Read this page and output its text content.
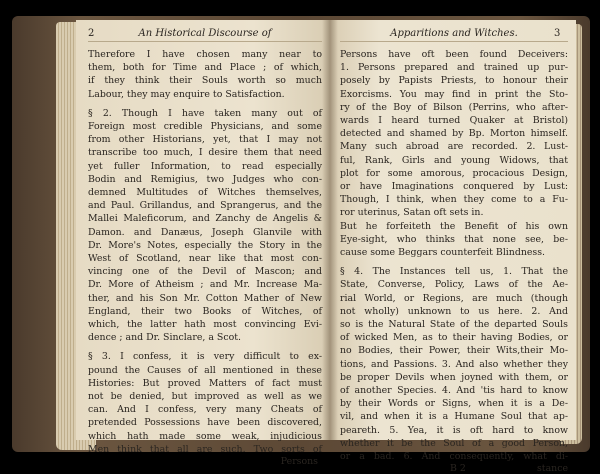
2	An Historical Discourse of
Therefore I have chosen many near to
them, both for Time and Place ; of which,
if they think their Souls worth so much
Labour, they may enquire to Satisfaction.
§ 2. Though I have taken many out of
Foreign most credible Physicians, and some
from other Historians, yet, that I may not
transcribe too much, I desire them that need
yet fuller Information, to read especially
Bodin and Remigius, two Judges who con-
demned Multitudes of Witches themselves,
and Paul. Grillandus, and Sprangerus, and the
Mallei Maleficorum, and Zanchy de Angelis &
Damon. and Danæus, Joseph Glanvile with
Dr. More's Notes, especially the Story in the
West of Scotland, near like that most con-
vincing one of the Devil of Mascon; and
Dr. More of Atheism ; and Mr. Increase Ma-
ther, and his Son Mr. Cotton Mather of New
England, their two Books of Witches, of
which, the latter hath most convincing Evi-
dence ; and Dr. Sinclare, a Scot.
§ 3. I confess, it is very difficult to ex-
pound the Causes of all mentioned in these
Histories: But proved Matters of fact must
not be denied, but improved as well as we
can. And I confess, very many Cheats of
pretended Possessions have been discovered,
which hath made some weak, injudicious
Men think that all are such. Two sorts of
Persons
Apparitions and Witches.	3
Persons have oft been found Deceivers:
1. Persons prepared and trained up pur-
posely by Papists Priests, to honour their
Exorcisms. You may find in print the Sto-
ry of the Boy of Bilson (Perrins, who after-
wards I heard turned Quaker at Bristol)
detected and shamed by Bp. Morton himself.
Many such abroad are recorded. 2. Lust-
ful, Rank, Girls and young Widows, that
plot for some amorous, procacious Design,
or have Imaginations conquered by Lust:
Though, I think, when they come to a Fu-
ror uterinus, Satan oft sets in.
But he forfeiteth the Benefit of his own
Eye-sight, who thinks that none see, be-
cause some Beggars counterfeit Blindness.
§ 4. The Instances tell us, 1. That the
State, Converse, Policy, Laws of the Ae-
rial World, or Regions, are much (though
not wholly) unknown to us here. 2. And
so is the Natural State of the departed Souls
of wicked Men, as to their having Bodies, or
no Bodies, their Power, their Wits,their Mo-
tions, and Passions. 3. And also whether they
be proper Devils when joyned with them, or
of another Species. 4. And 'tis hard to know
by their Words or Signs, when it is a De-
vil, and when it is a Humane Soul that ap-
peareth. 5. Yea, it is oft hard to know
whether it be the Soul of a good Person,
or a bad. 6. And consequently, what di-
B 2	stance
